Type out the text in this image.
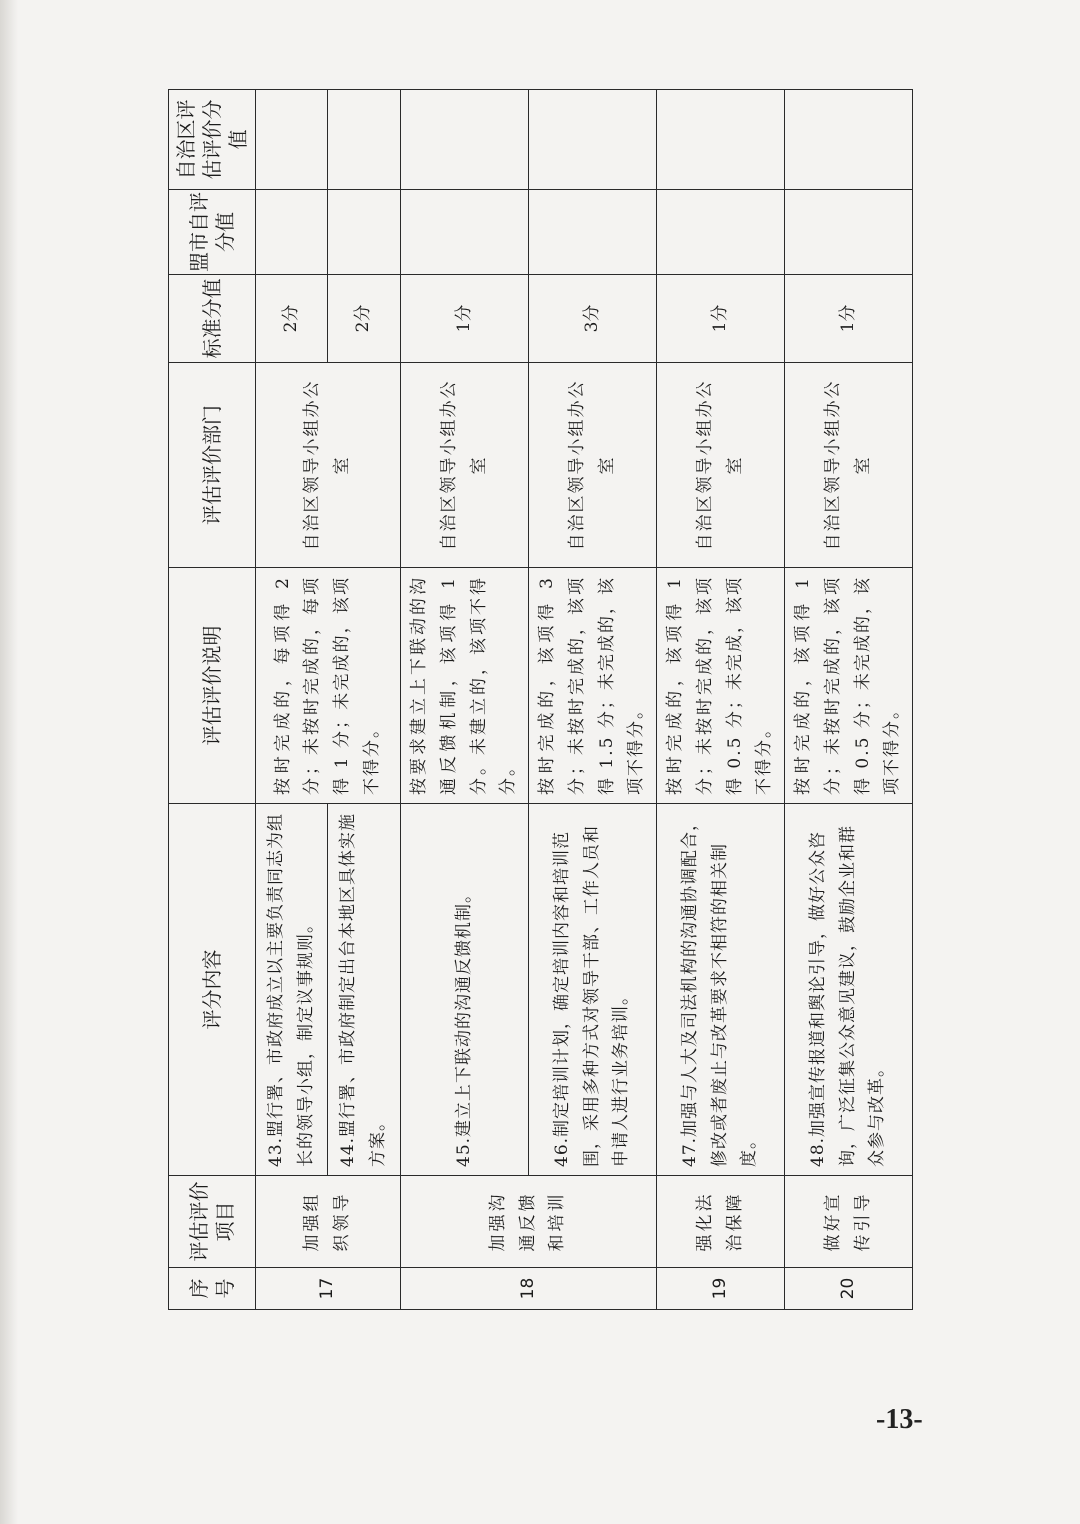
序号	评估评价项目	评分内容	评估评价说明	评估评价部门	标准分值	盟市自评分值	自治区评估评价分值
17	加强组织领导	43.盟行署、市政府成立以主要负责同志为组长的领导小组，制定议事规则。	按时完成的，每项得 2 分；未按时完成的，每项得 1 分；未完成的，该项不得分。	自治区领导小组办公室	2分		
		44.盟行署、市政府制定出台本地区具体实施方案。			2分		
18	加强沟通反馈和培训	45.建立上下联动的沟通反馈机制。	按要求建立上下联动的沟通反馈机制，该项得 1 分。未建立的，该项不得分。	自治区领导小组办公室	1分		
		46.制定培训计划，确定培训内容和培训范围，采用多种方式对领导干部、工作人员和申请人进行业务培训。	按时完成的，该项得 3 分；未按时完成的，该项得 1.5 分；未完成的，该项不得分。	自治区领导小组办公室	3分		
19	强化法治保障	47.加强与人大及司法机构的沟通协调配合，修改或者废止与改革要求不相符的相关制度。	按时完成的，该项得 1 分；未按时完成的，该项得 0.5 分；未完成，该项不得分。	自治区领导小组办公室	1分		
20	做好宣传引导	48.加强宣传报道和舆论引导，做好公众咨询，广泛征集公众意见建议，鼓励企业和群众参与改革。	按时完成的，该项得 1 分；未按时完成的，该项得 0.5 分；未完成的，该项不得分。	自治区领导小组办公室	1分		
-13-
